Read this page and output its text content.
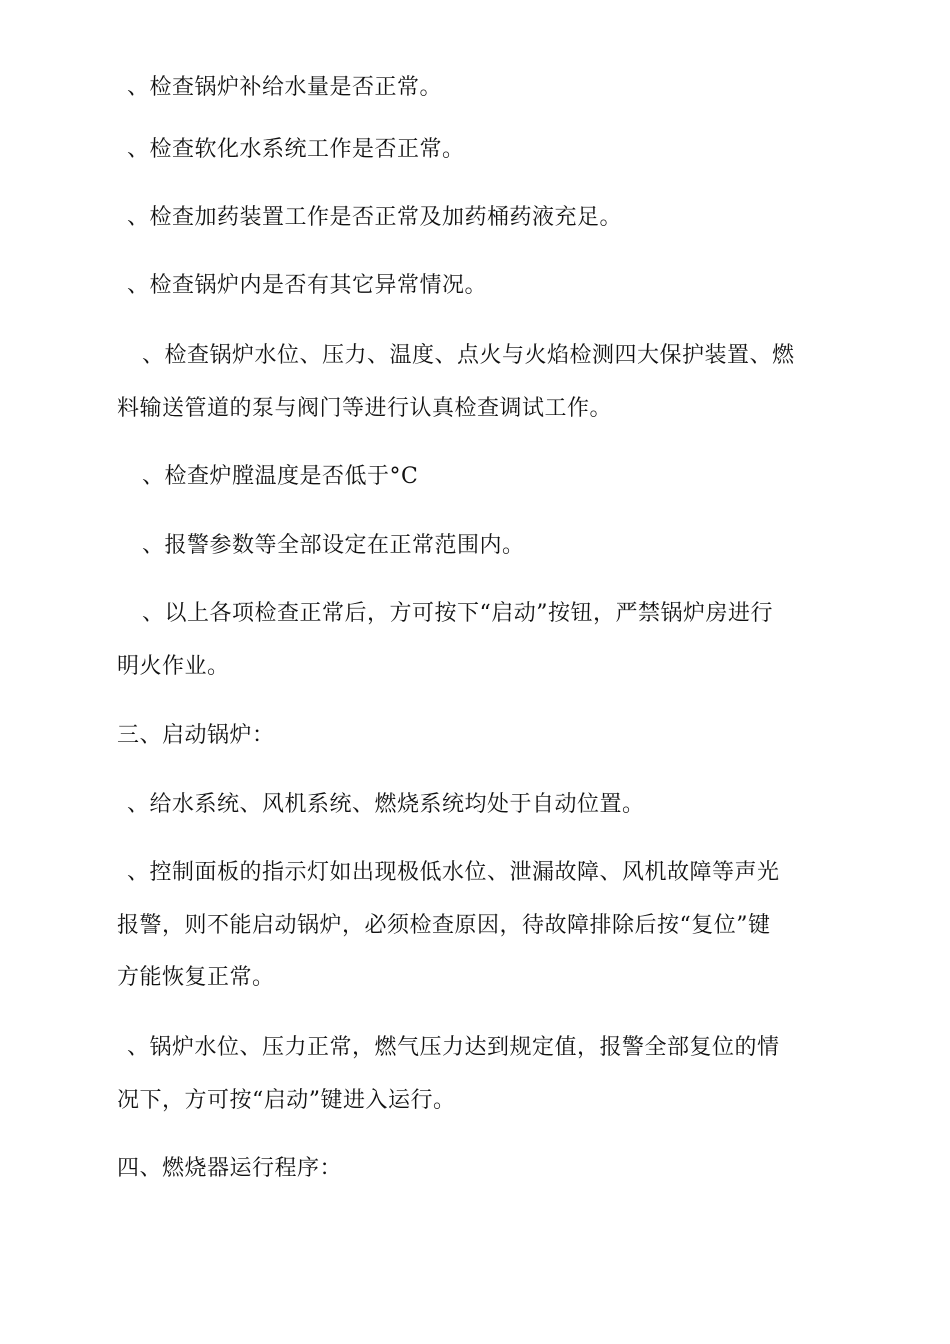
、检查锅炉补给水量是否正常。
、检查软化水系统工作是否正常。
、检查加药装置工作是否正常及加药桶药液充足。
、检查锅炉内是否有其它异常情况。
、检查锅炉水位、压力、温度、点火与火焰检测四大保护装置、燃
料输送管道的泵与阀门等进行认真检查调试工作。
、检查炉膛温度是否低于°C
、报警参数等全部设定在正常范围内。
、以上各项检查正常后，方可按下“启动”按钮，严禁锅炉房进行
明火作业。
三、启动锅炉：
、给水系统、风机系统、燃烧系统均处于自动位置。
、控制面板的指示灯如出现极低水位、泄漏故障、风机故障等声光
报警，则不能启动锅炉，必须检查原因，待故障排除后按“复位”键
方能恢复正常。
、锅炉水位、压力正常，燃气压力达到规定值，报警全部复位的情
况下，方可按“启动”键进入运行。
四、燃烧器运行程序：
